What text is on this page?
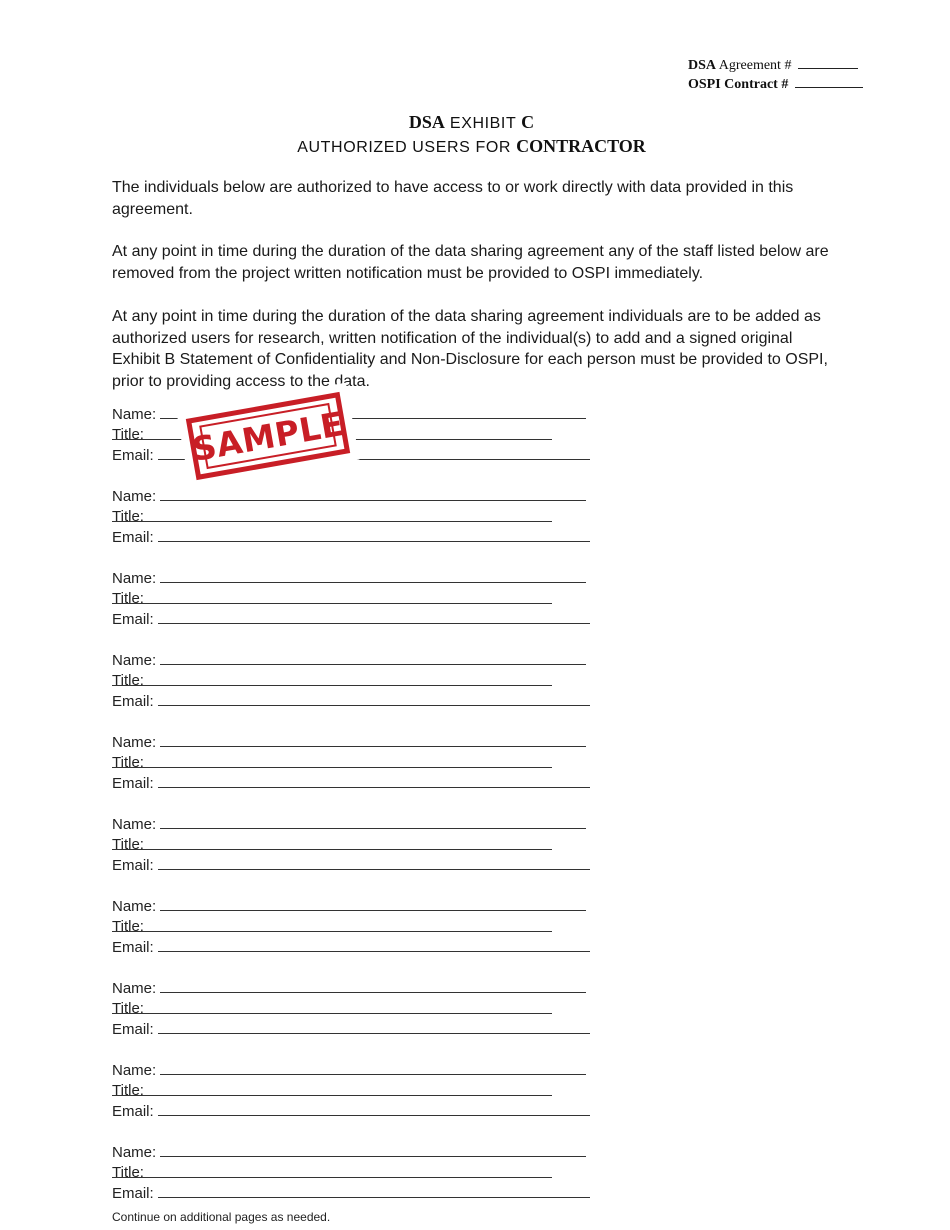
DSA Agreement #
OSPI Contract #
DSA EXHIBIT C
AUTHORIZED USERS FOR CONTRACTOR

The individuals below are authorized to have access to or work directly with data provided in this agreement.

At any point in time during the duration of the data sharing agreement any of the staff listed below are removed from the project written notification must be provided to OSPI immediately.

At any point in time during the duration of the data sharing agreement individuals are to be added as authorized users for research, written notification of the individual(s) to add and a signed original Exhibit B Statement of Confidentiality and Non-Disclosure for each person must be provided to OSPI, prior to providing access to the data.

Name:
Title:
Email:
Name:
Title:
Email:
Name:
Title:
Email:
Name:
Title:
Email:
Name:
Title:
Email:
Name:
Title:
Email:
Name:
Title:
Email:
Name:
Title:
Email:
Name:
Title:
Email:
Name:
Title:
Email:
SAMPLE
Continue on additional pages as needed.
